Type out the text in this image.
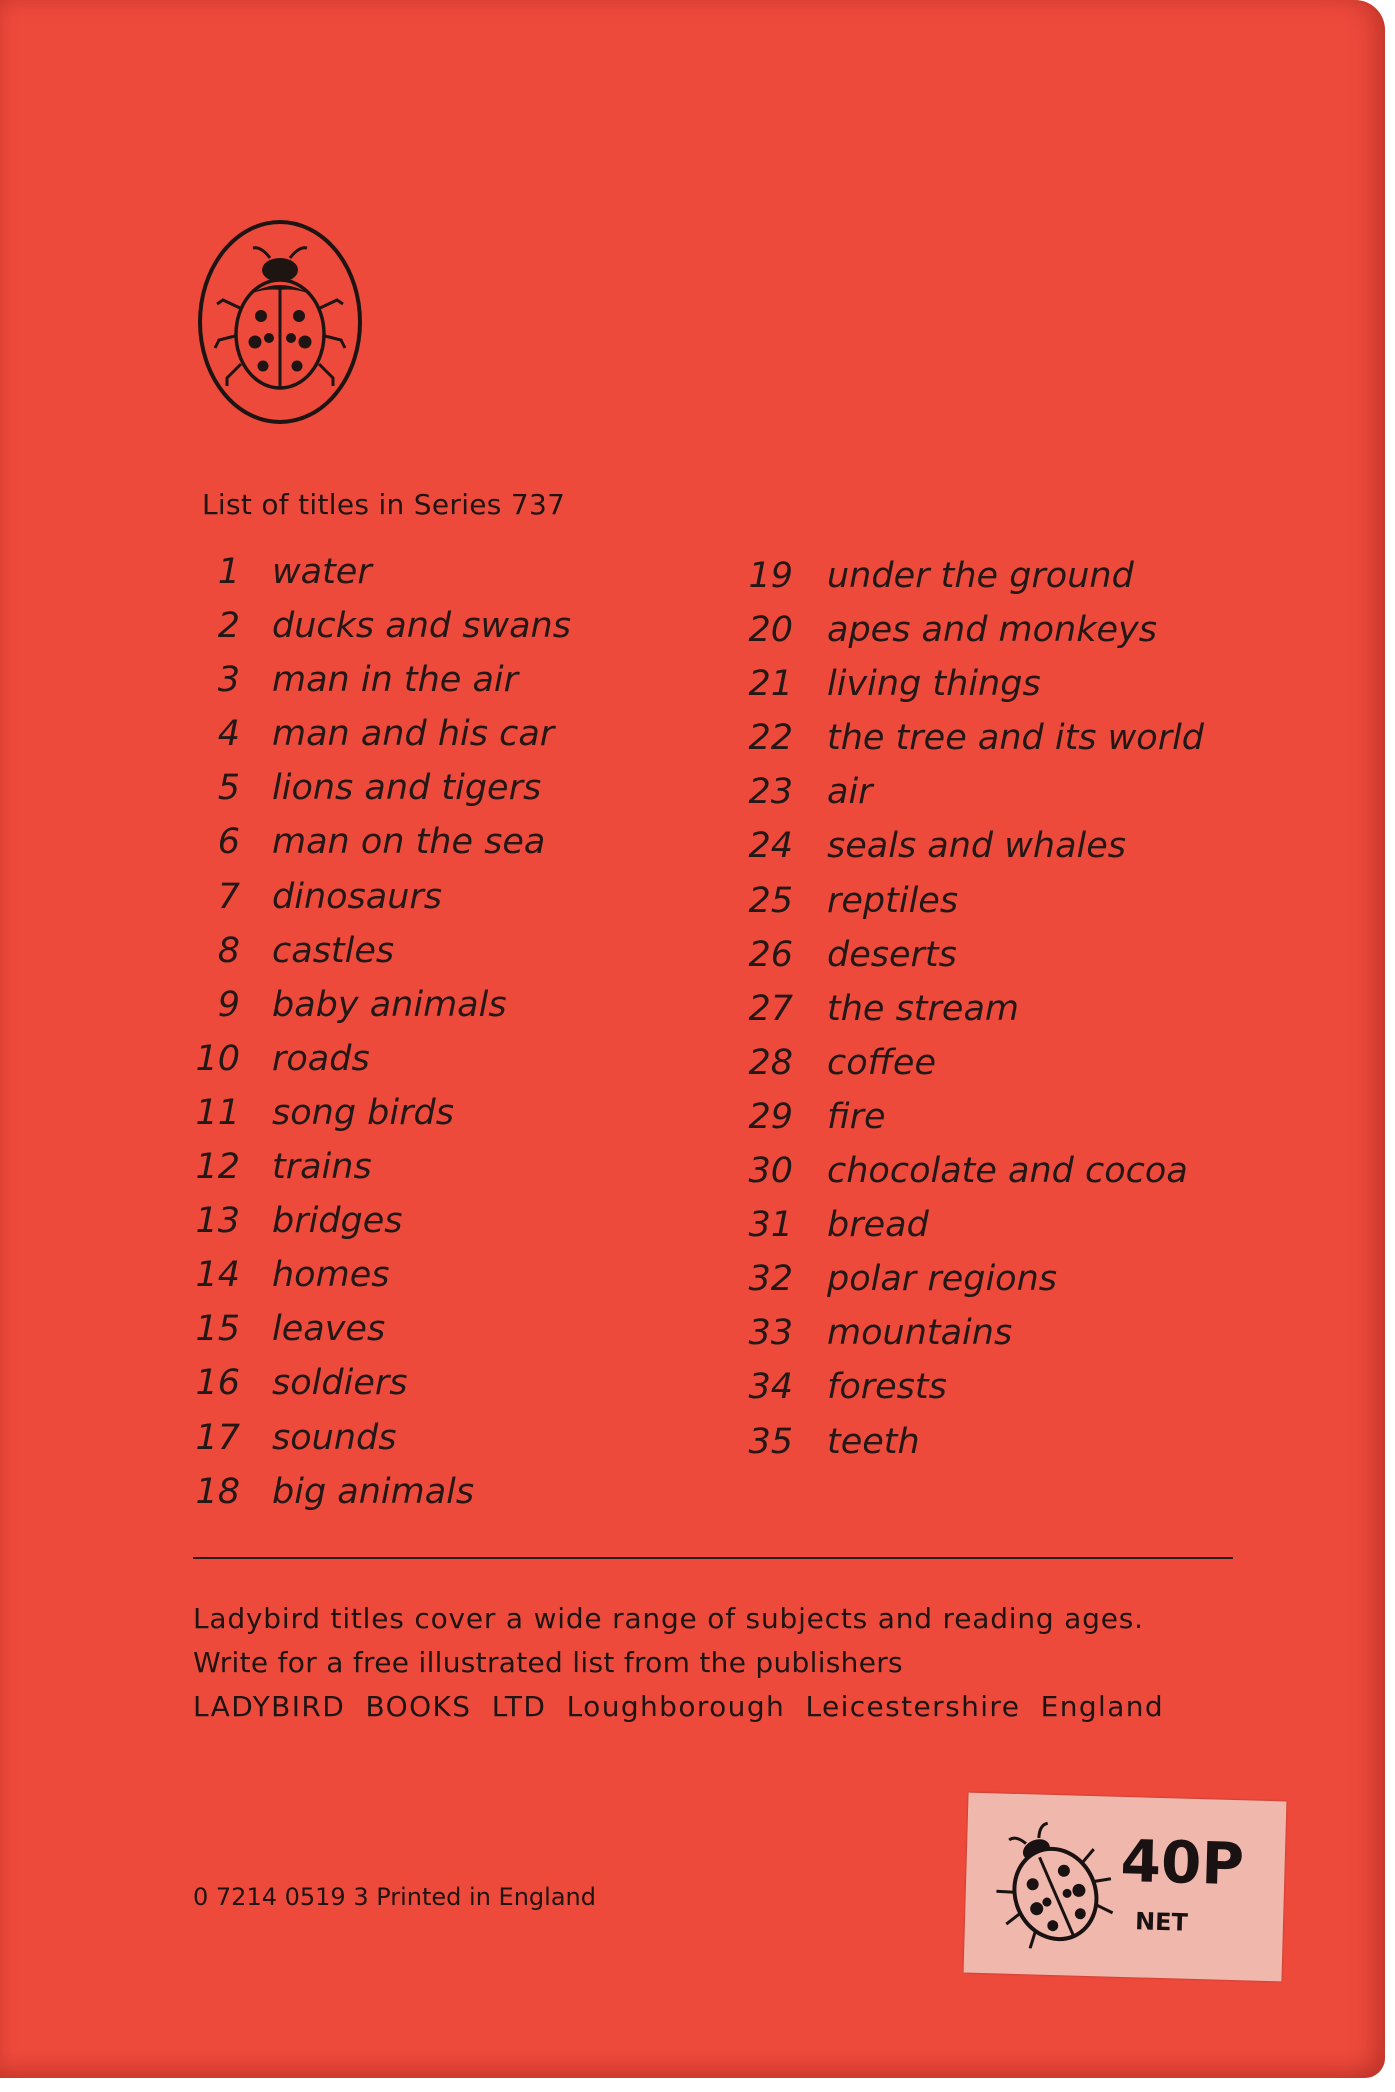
List of titles in Series 737
1 water
2 ducks and swans
3 man in the air
4 man and his car
5 lions and tigers
6 man on the sea
7 dinosaurs
8 castles
9 baby animals
10 roads
11 song birds
12 trains
13 bridges
14 homes
15 leaves
16 soldiers
17 sounds
18 big animals
19 under the ground
20 apes and monkeys
21 living things
22 the tree and its world
23 air
24 seals and whales
25 reptiles
26 deserts
27 the stream
28 coffee
29 fire
30 chocolate and cocoa
31 bread
32 polar regions
33 mountains
34 forests
35 teeth
Ladybird titles cover a wide range of subjects and reading ages.
Write for a free illustrated list from the publishers
LADYBIRD BOOKS LTD Loughborough Leicestershire England
0 7214 0519 3 Printed in England	40P
NET
